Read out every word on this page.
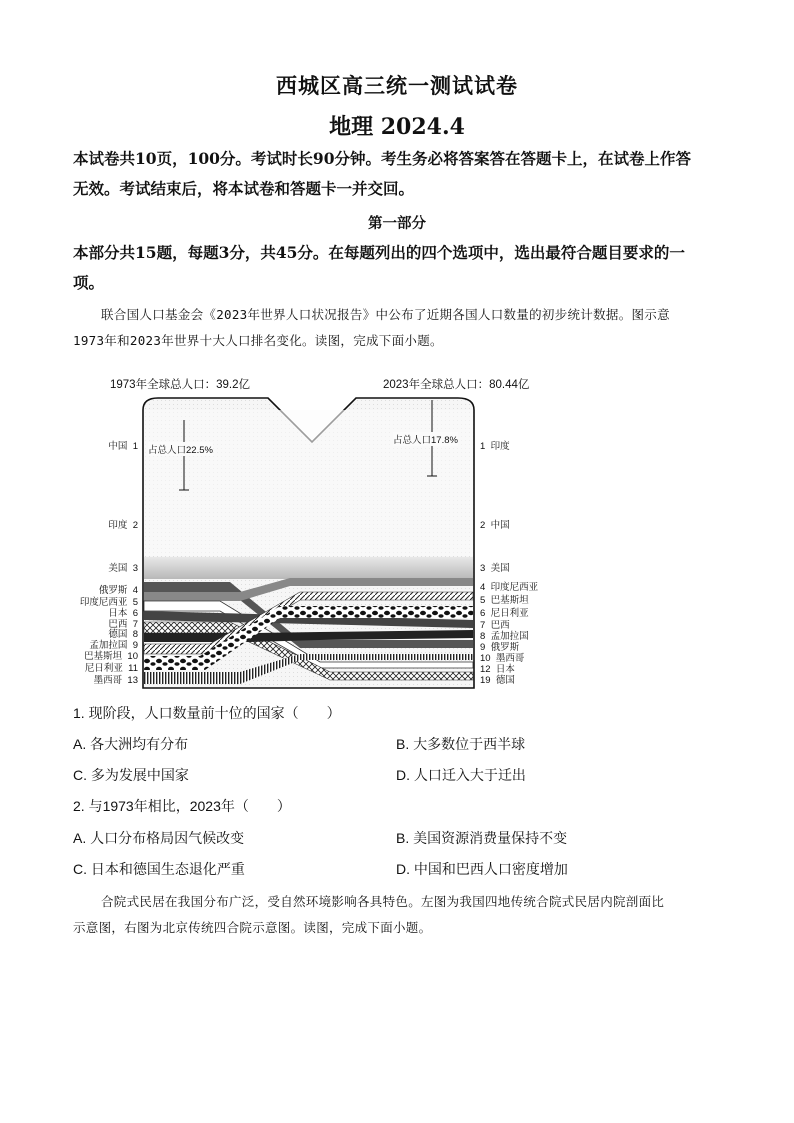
西城区高三统一测试试卷
地理 2024.4
本试卷共10页，100分。考试时长90分钟。考生务必将答案答在答题卡上，在试卷上作答
无效。考试结束后，将本试卷和答题卡一并交回。
第一部分
本部分共15题，每题3分，共45分。在每题列出的四个选项中，选出最符合题目要求的一
项。
联合国人口基金会《2023年世界人口状况报告》中公布了近期各国人口数量的初步统计数据。图示意
1973年和2023年世界十大人口排名变化。读图，完成下面小题。
1973年全球总人口：39.2亿	2023年全球总人口：80.44亿
占总人口22.5%
占总人口17.8%
中国 1
印度 2
美国 3
俄罗斯 4
印度尼西亚 5
日本 6
巴西 7
德国 8
孟加拉国 9
巴基斯坦 10
尼日利亚 11
墨西哥 13
1 印度
2 中国
3 美国
4 印度尼西亚
5 巴基斯坦
6 尼日利亚
7 巴西
8 孟加拉国
9 俄罗斯
10 墨西哥
12 日本
19 德国
1. 现阶段，人口数量前十位的国家（　　）
A. 各大洲均有分布	B. 大多数位于西半球
C. 多为发展中国家	D. 人口迁入大于迁出
2. 与1973年相比，2023年（　　）
A. 人口分布格局因气候改变	B. 美国资源消费量保持不变
C. 日本和德国生态退化严重	D. 中国和巴西人口密度增加
合院式民居在我国分布广泛，受自然环境影响各具特色。左图为我国四地传统合院式民居内院剖面比
示意图，右图为北京传统四合院示意图。读图，完成下面小题。
